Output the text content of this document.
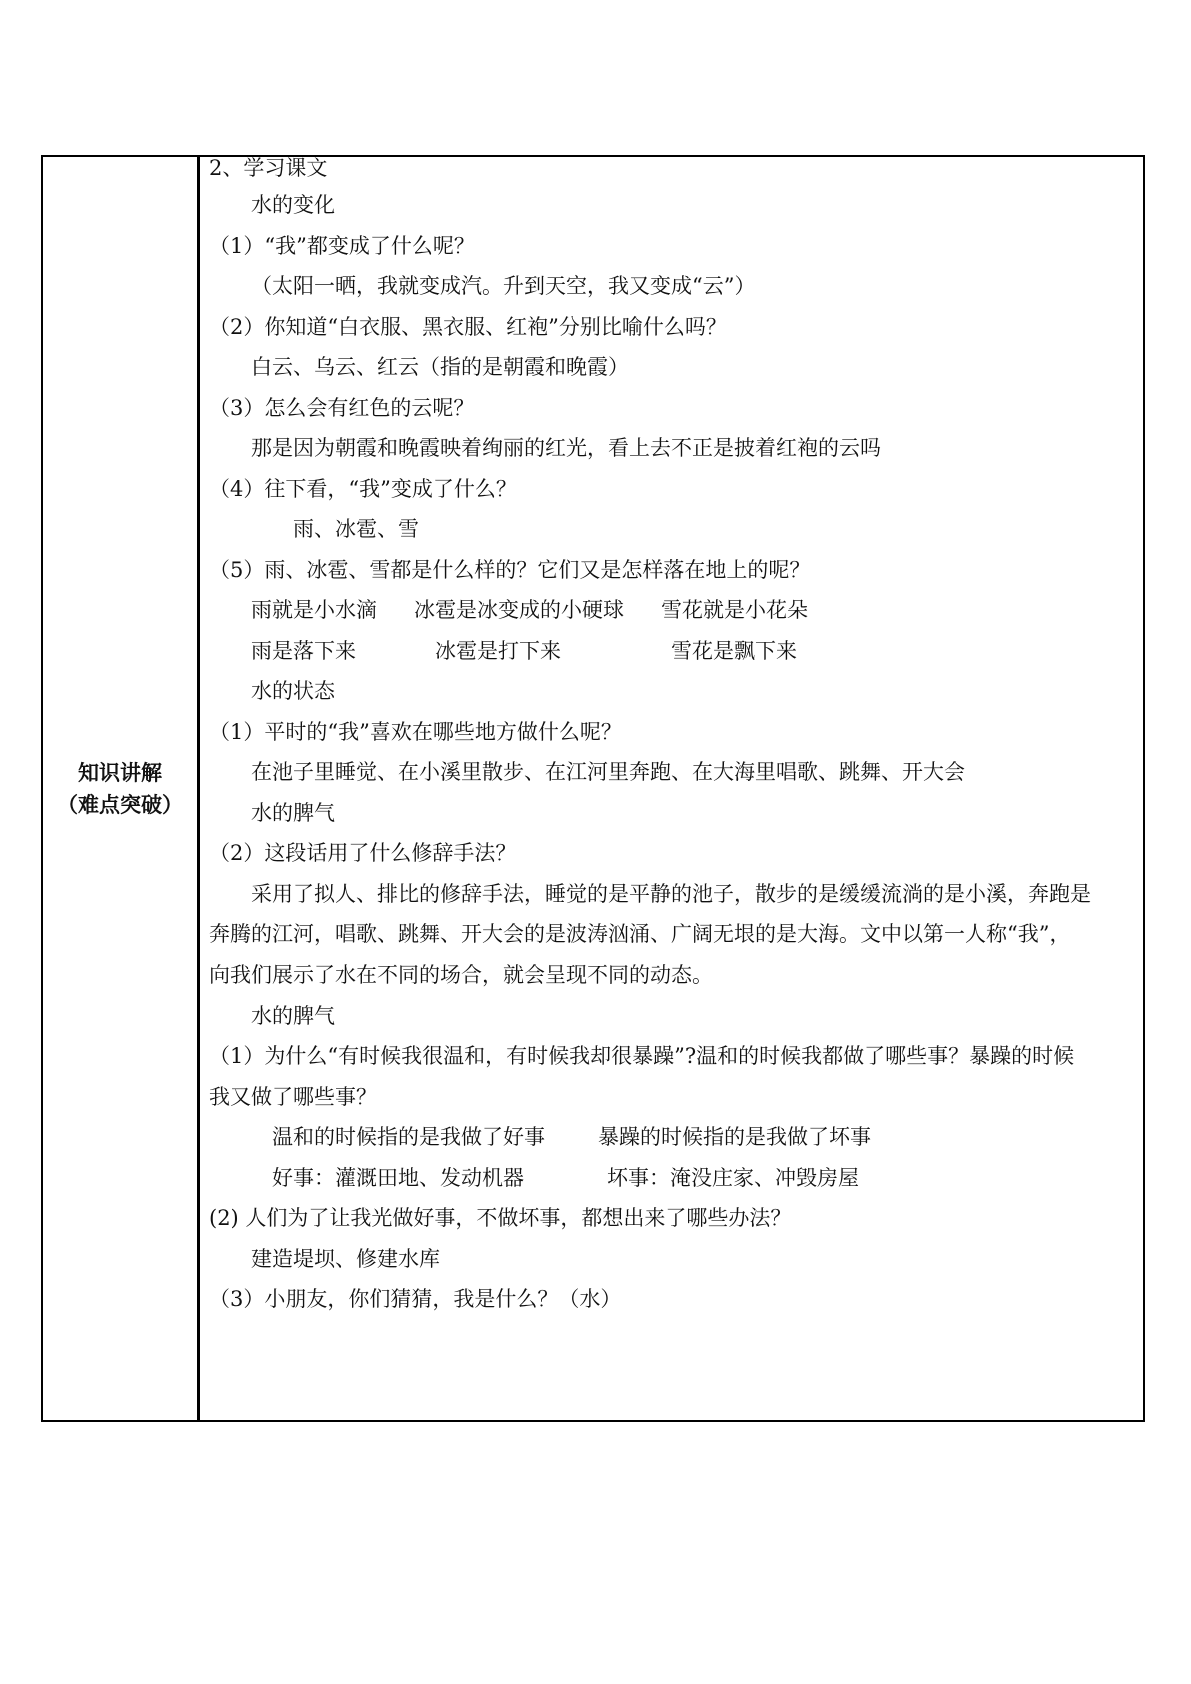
知识讲解
（难点突破）
2、学习课文
水的变化
（1）“我”都变成了什么呢？
（太阳一晒，我就变成汽。升到天空，我又变成“云”）
（2）你知道“白衣服、黑衣服、红袍”分别比喻什么吗？
白云、乌云、红云（指的是朝霞和晚霞）
（3）怎么会有红色的云呢？
那是因为朝霞和晚霞映着绚丽的红光，看上去不正是披着红袍的云吗
（4）往下看，“我”变成了什么？
雨、冰雹、雪
（5）雨、冰雹、雪都是什么样的？它们又是怎样落在地上的呢？
雨就是小水滴 冰雹是冰变成的小硬球 雪花就是小花朵
雨是落下来	冰雹是打下来	雪花是飘下来
水的状态
（1）平时的“我”喜欢在哪些地方做什么呢？
在池子里睡觉、在小溪里散步、在江河里奔跑、在大海里唱歌、跳舞、开大会
水的脾气
（2）这段话用了什么修辞手法？
采用了拟人、排比的修辞手法，睡觉的是平静的池子，散步的是缓缓流淌的是小溪，奔跑是
奔腾的江河，唱歌、跳舞、开大会的是波涛汹涌、广阔无垠的是大海。文中以第一人称“我”，
向我们展示了水在不同的场合，就会呈现不同的动态。
水的脾气
（1）为什么“有时候我很温和，有时候我却很暴躁”?温和的时候我都做了哪些事？暴躁的时候
我又做了哪些事？
温和的时候指的是我做了好事	暴躁的时候指的是我做了坏事
好事：灌溉田地、发动机器	坏事：淹没庄家、冲毁房屋
(2) 人们为了让我光做好事，不做坏事，都想出来了哪些办法？
建造堤坝、修建水库
（3）小朋友，你们猜猜，我是什么？（水）
